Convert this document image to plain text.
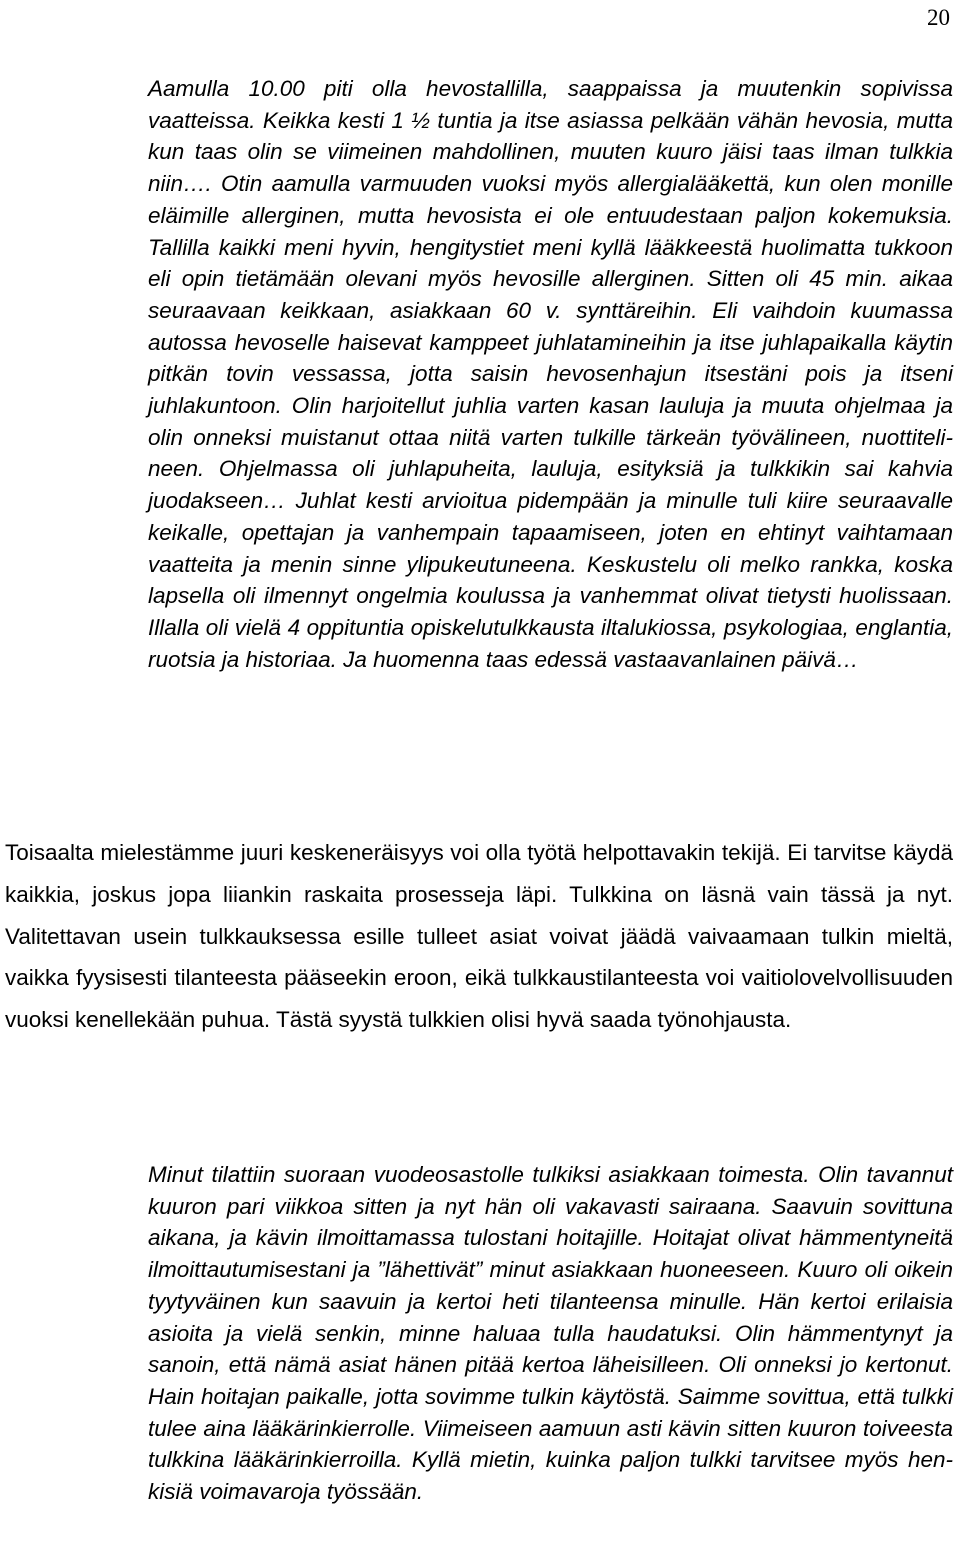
20
Aamulla 10.00 piti olla hevostallilla, saappaissa ja muutenkin sopivissa vaatteissa. Keikka kesti 1 ½ tuntia ja itse asiassa pelkään vähän hevosia, mutta kun taas olin se viimeinen mahdollinen, muuten kuuro jäisi taas ilman tulkkia niin…. Otin aamulla varmuuden vuoksi myös allergialääkettä, kun olen monille eläimille allerginen, mutta hevosista ei ole entuudestaan paljon kokemuksia. Tallilla kaikki meni hyvin, hengitystiet meni kyllä lääkkeestä huolimatta tukkoon eli opin tietämään olevani myös hevosille allerginen. Sitten oli 45 min. aikaa seuraavaan keikkaan, asiakkaan 60 v. synttäreihin. Eli vaihdoin kuumassa autossa hevoselle haisevat kamppeet juhlatamineihin ja itse juhlapaikalla käytin pitkän tovin vessassa, jotta saisin hevosenhajun itsestäni pois ja itseni juhlakuntoon. Olin harjoitellut juhlia varten kasan lauluja ja muuta ohjelmaa ja olin onneksi muistanut ottaa niitä varten tulkille tärkeän työvälineen, nuottitelineen. Ohjelmassa oli juhlapuheita, lauluja, esityksiä ja tulkkikin sai kahvia juodakseen… Juhlat kesti arvioitua pidempään ja minulle tuli kiire seuraavalle keikalle, opettajan ja vanhempain tapaamiseen, joten en ehtinyt vaihtamaan vaatteita ja menin sinne ylipukeutuneena. Keskustelu oli melko rankka, koska lapsella oli ilmennyt ongelmia koulussa ja vanhemmat olivat tietysti huolissaan. Illalla oli vielä 4 oppituntia opiskelutulkkausta iltalukiossa, psykologiaa, englantia, ruotsia ja historiaa. Ja huomenna taas edessä vastaavanlainen päivä…
Toisaalta mielestämme juuri keskeneräisyys voi olla työtä helpottavakin tekijä. Ei tarvitse käydä kaikkia, joskus jopa liiankin raskaita prosesseja läpi. Tulkkina on läsnä vain tässä ja nyt. Valitettavan usein tulkkauksessa esille tulleet asiat voivat jäädä vaivaamaan tulkin mieltä, vaikka fyysisesti tilanteesta pääseekin eroon, eikä tulkkaustilanteesta voi vaitiolovelvollisuuden vuoksi kenellekään puhua. Tästä syystä tulkkien olisi hyvä saada työnohjausta.
Minut tilattiin suoraan vuodeosastolle tulkiksi asiakkaan toimesta. Olin tavannut kuuron pari viikkoa sitten ja nyt hän oli vakavasti sairaana. Saavuin sovittuna aikana, ja kävin ilmoittamassa tulostani hoitajille. Hoitajat olivat hämmentyneitä ilmoittautumisestani ja ”lähettivät” minut asiakkaan huoneeseen. Kuuro oli oikein tyytyväinen kun saavuin ja kertoi heti tilanteensa minulle. Hän kertoi erilaisia asioita ja vielä senkin, minne haluaa tulla haudatuksi. Olin hämmentynyt ja sanoin, että nämä asiat hänen pitää kertoa läheisilleen. Oli onneksi jo kertonut. Hain hoitajan paikalle, jotta sovimme tulkin käytöstä. Saimme sovittua, että tulkki tulee aina lääkärinkierrolle. Viimeiseen aamuun asti kävin sitten kuuron toiveesta tulkkina lääkärinkierroilla. Kyllä mietin, kuinka paljon tulkki tarvitsee myös henkisiä voimavaroja työssään.
